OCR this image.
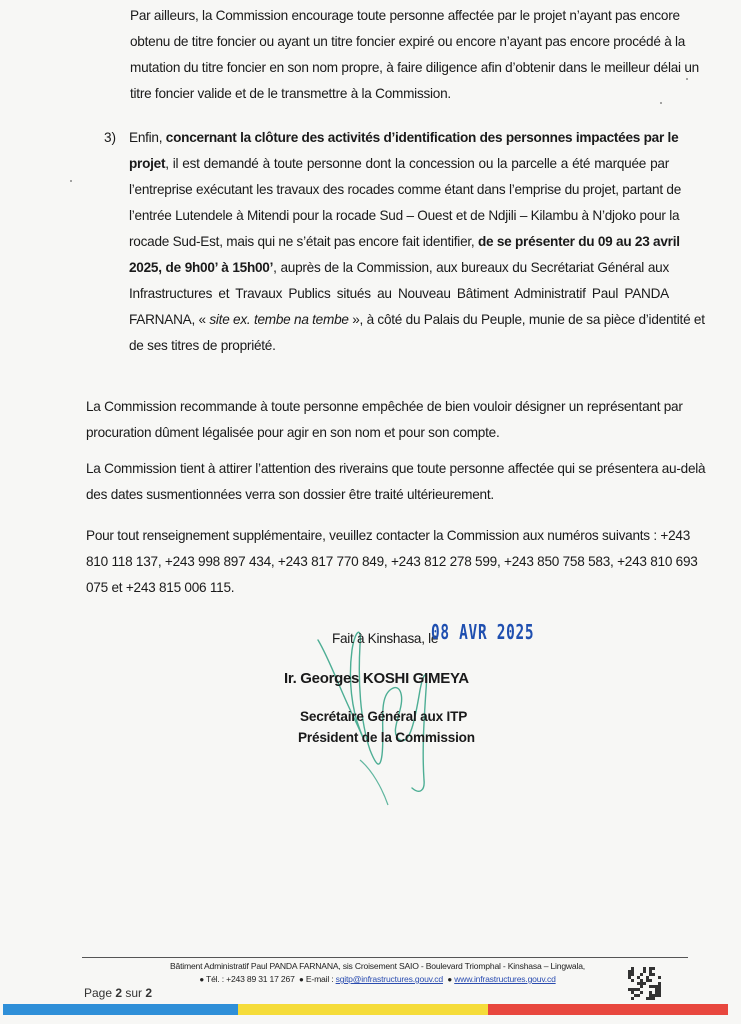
Par ailleurs, la Commission encourage toute personne affectée par le projet n’ayant pas encore
obtenu de titre foncier ou ayant un titre foncier expiré ou encore n’ayant pas encore procédé à la
mutation du titre foncier en son nom propre, à faire diligence afin d’obtenir dans le meilleur délai un
titre foncier valide et de le transmettre à la Commission.

3) Enfin, concernant la clôture des activités d’identification des personnes impactées par le
projet, il est demandé à toute personne dont la concession ou la parcelle a été marquée par
l’entreprise exécutant les travaux des rocades comme étant dans l’emprise du projet, partant de
l’entrée Lutendele à Mitendi pour la rocade Sud – Ouest et de Ndjili – Kilambu à N’djoko pour la
rocade Sud-Est, mais qui ne s’était pas encore fait identifier, de se présenter du 09 au 23 avril
2025, de 9h00’ à 15h00’, auprès de la Commission, aux bureaux du Secrétariat Général aux
Infrastructures et Travaux Publics situés au Nouveau Bâtiment Administratif Paul PANDA
FARNANA, « site ex. tembe na tembe », à côté du Palais du Peuple, munie de sa pièce d’identité et
de ses titres de propriété.

La Commission recommande à toute personne empêchée de bien vouloir désigner un représentant par
procuration dûment légalisée pour agir en son nom et pour son compte.

La Commission tient à attirer l’attention des riverains que toute personne affectée qui se présentera au-delà
des dates susmentionnées verra son dossier être traité ultérieurement.

Pour tout renseignement supplémentaire, veuillez contacter la Commission aux numéros suivants : +243
810 118 137, +243 998 897 434, +243 817 770 849, +243 812 278 599, +243 850 758 583, +243 810 693
075 et +243 815 006 115.

Fait à Kinshasa, le
08 AVR 2025
Ir. Georges KOSHI GIMEYA
Secrétaire Général aux ITP
Président de la Commission
Bâtiment Administratif Paul PANDA FARNANA, sis Croisement SAIO - Boulevard Triomphal - Kinshasa – Lingwala,
● Tél. : +243 89 31 17 267 ● E-mail : sgitp@infrastructures.gouv.cd ● www.infrastructures.gouv.cd
Page 2 sur 2
